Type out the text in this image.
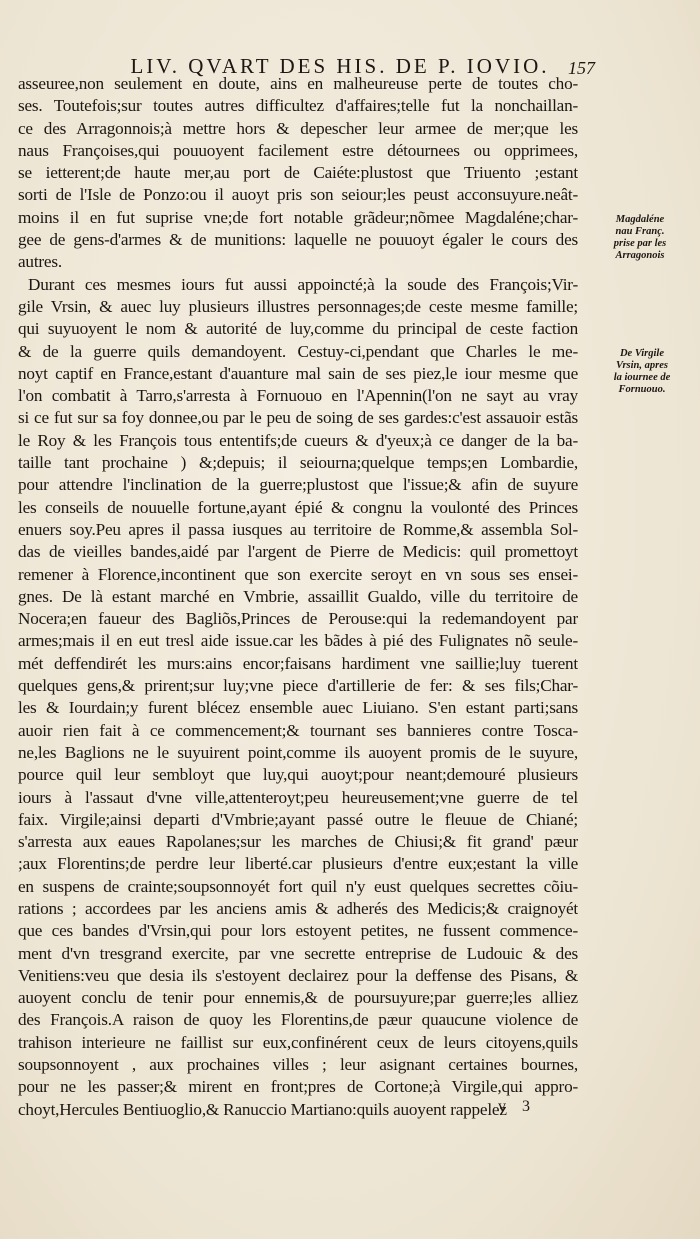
LIV. QVART DES HIS. DE P. IOVIO.	157
asseuree,non seulement en doute, ains en malheureuse perte de toutes cho-
ses. Toutefois;sur toutes autres difficultez d'affaires;telle fut la nonchaillan-
ce des Arragonnois;à mettre hors & depescher leur armee de mer;que les
naus Françoises,qui pouuoyent facilement estre détournees ou opprimees,
se ietterent;de haute mer,au port de Caiéte:plustost que Triuento ;estant
sorti de l'Isle de Ponzo:ou il auoyt pris son seiour;les peust acconsuyure.neât-
moins il en fut suprise vne;de fort notable grãdeur;nõmee Magdaléne;char-
gee de gens-d'armes & de munitions: laquelle ne pouuoyt égaler le cours des
autres.
Durant ces mesmes iours fut aussi appoincté;à la soude des François;Vir-
gile Vrsin, & auec luy plusieurs illustres personnages;de ceste mesme famille;
qui suyuoyent le nom & autorité de luy,comme du principal de ceste faction
& de la guerre quils demandoyent. Cestuy-ci,pendant que Charles le me-
noyt captif en France,estant d'auanture mal sain de ses piez,le iour mesme que
l'on combatit à Tarro,s'arresta à Fornuouo en l'Apennin(l'on ne sayt au vray
si ce fut sur sa foy donnee,ou par le peu de soing de ses gardes:c'est assauoir estãs
le Roy & les François tous ententifs;de cueurs & d'yeux;à ce danger de la ba-
taille tant prochaine ) &;depuis; il seiourna;quelque temps;en Lombardie,
pour attendre l'inclination de la guerre;plustost que l'issue;& afin de suyure
les conseils de nouuelle fortune,ayant épié & congnu la voulonté des Princes
enuers soy.Peu apres il passa iusques au territoire de Romme,& assembla Sol-
das de vieilles bandes,aidé par l'argent de Pierre de Medicis: quil promettoyt
remener à Florence,incontinent que son exercite seroyt en vn sous ses ensei-
gnes. De là estant marché en Vmbrie, assaillit Gualdo, ville du territoire de
Nocera;en faueur des Bagliõs,Princes de Perouse:qui la redemandoyent par
armes;mais il en eut tresl aide issue.car les bãdes à pié des Fulignates nõ seule-
mét deffendirét les murs:ains encor;faisans hardiment vne saillie;luy tuerent
quelques gens,& prirent;sur luy;vne piece d'artillerie de fer: & ses fils;Char-
les & Iourdain;y furent blécez ensemble auec Liuiano. S'en estant parti;sans
auoir rien fait à ce commencement;& tournant ses bannieres contre Tosca-
ne,les Baglions ne le suyuirent point,comme ils auoyent promis de le suyure,
pource quil leur sembloyt que luy,qui auoyt;pour neant;demouré plusieurs
iours à l'assaut d'vne ville,attenteroyt;peu heureusement;vne guerre de tel
faix. Virgile;ainsi departi d'Vmbrie;ayant passé outre le fleuue de Chiané;
s'arresta aux eaues Rapolanes;sur les marches de Chiusi;& fit grand' pæur
;aux Florentins;de perdre leur liberté.car plusieurs d'entre eux;estant la ville
en suspens de crainte;soupsonnoyét fort quil n'y eust quelques secrettes cõiu-
rations ; accordees par les anciens amis & adherés des Medicis;& craignoyét
que ces bandes d'Vrsin,qui pour lors estoyent petites, ne fussent commence-
ment d'vn tresgrand exercite, par vne secrette entreprise de Ludouic & des
Venitiens:veu que desia ils s'estoyent declairez pour la deffense des Pisans, &
auoyent conclu de tenir pour ennemis,& de poursuyure;par guerre;les alliez
des François.A raison de quoy les Florentins,de pæur quaucune violence de
trahison interieure ne faillist sur eux,confinérent ceux de leurs citoyens,quils
soupsonnoyent , aux prochaines villes ; leur asignant certaines bournes,
pour ne les passer;& mirent en front;pres de Cortone;à Virgile,qui appro-
choyt,Hercules Bentiuoglio,& Ranuccio Martiano:quils auoyent rappelez
Magdaléne
nau Franç.
prise par les
Arragonois
De Virgile
Vrsin, apres
la iournee de
Fornuouo.
v 3
